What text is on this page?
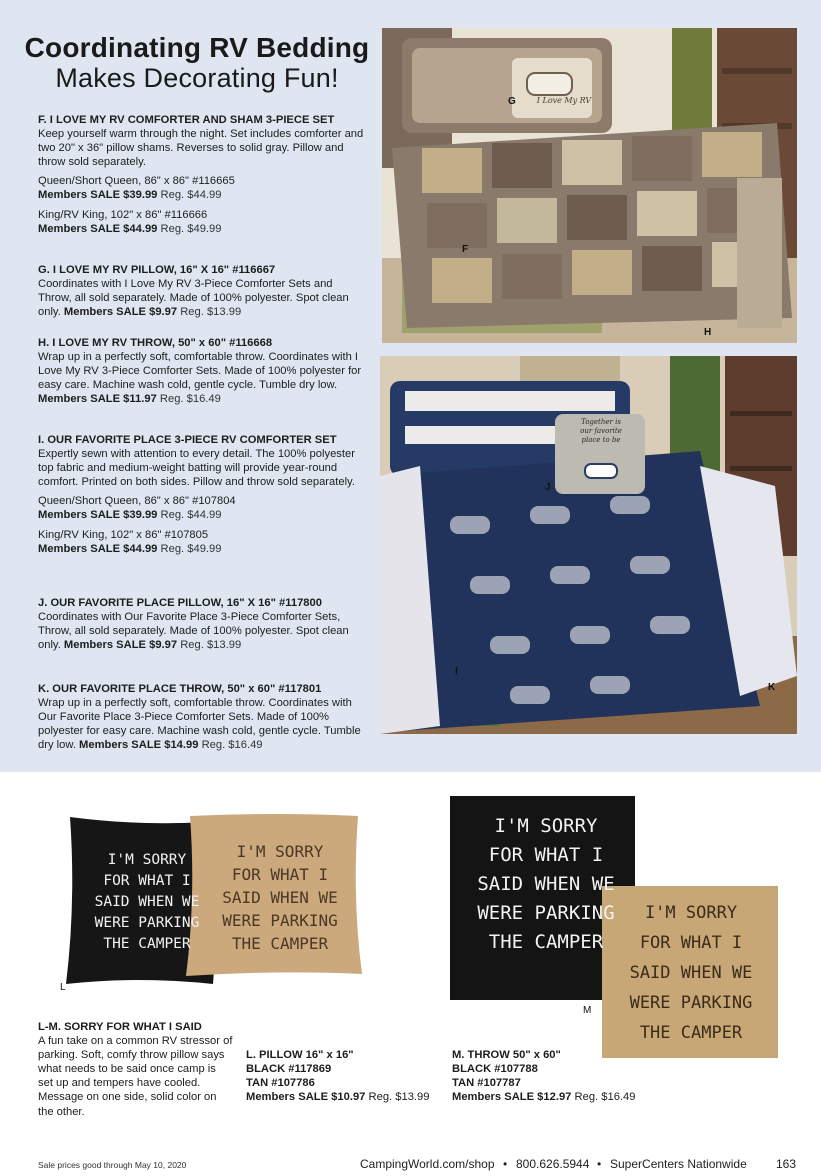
Coordinating RV Bedding
Makes Decorating Fun!
F. I LOVE MY RV COMFORTER AND SHAM 3-PIECE SET
Keep yourself warm through the night. Set includes comforter and two 20" x 36" pillow shams. Reverses to solid gray. Pillow and throw sold separately.
Queen/Short Queen, 86" x 86" #116665
Members SALE $39.99 Reg. $44.99
King/RV King, 102" x 86" #116666
Members SALE $44.99 Reg. $49.99
G. I LOVE MY RV PILLOW, 16" X 16" #116667
Coordinates with I Love My RV 3-Piece Comforter Sets and Throw, all sold separately. Made of 100% polyester. Spot clean only. Members SALE $9.97 Reg. $13.99
H. I LOVE MY RV THROW, 50" x 60" #116668
Wrap up in a perfectly soft, comfortable throw. Coordinates with I Love My RV 3-Piece Comforter Sets. Made of 100% polyester for easy care. Machine wash cold, gentle cycle. Tumble dry low. Members SALE $11.97 Reg. $16.49
I. OUR FAVORITE PLACE 3-PIECE RV COMFORTER SET
Expertly sewn with attention to every detail. The 100% polyester top fabric and medium-weight batting will provide year-round comfort. Printed on both sides. Pillow and throw sold separately.
Queen/Short Queen, 86" x 86" #107804
Members SALE $39.99 Reg. $44.99
King/RV King, 102" x 86" #107805
Members SALE $44.99 Reg. $49.99
J. OUR FAVORITE PLACE PILLOW, 16" X 16" #117800
Coordinates with Our Favorite Place 3-Piece Comforter Sets, Throw, all sold separately. Made of 100% polyester. Spot clean only. Members SALE $9.97 Reg. $13.99
K. OUR FAVORITE PLACE THROW, 50" x 60" #117801
Wrap up in a perfectly soft, comfortable throw. Coordinates with Our Favorite Place 3-Piece Comforter Sets. Made of 100% polyester for easy care. Machine wash cold, gentle cycle. Tumble dry low. Members SALE $14.99 Reg. $16.49
I Love My RV
G
F
H
Together is
our favorite
place to be
J
I
K
I'M SORRY
FOR WHAT I
SAID WHEN WE
WERE PARKING
THE CAMPER
I'M SORRY
FOR WHAT I
SAID WHEN WE
WERE PARKING
THE CAMPER
L
I'M SORRY
FOR WHAT I
SAID WHEN WE
WERE PARKING
THE CAMPER
I'M SORRY
FOR WHAT I
SAID WHEN WE
WERE PARKING
THE CAMPER
M
L-M. SORRY FOR WHAT I SAID
A fun take on a common RV stressor of parking. Soft, comfy throw pillow says what needs to be said once camp is set up and tempers have cooled. Message on one side, solid color on the other.
L. PILLOW 16" x 16"
BLACK #117869
TAN #107786
Members SALE $10.97 Reg. $13.99
M. THROW 50" x 60"
BLACK #107788
TAN #107787
Members SALE $12.97 Reg. $16.49
Sale prices good through May 10, 2020	CampingWorld.com/shop • 800.626.5944 • SuperCenters Nationwide 163
